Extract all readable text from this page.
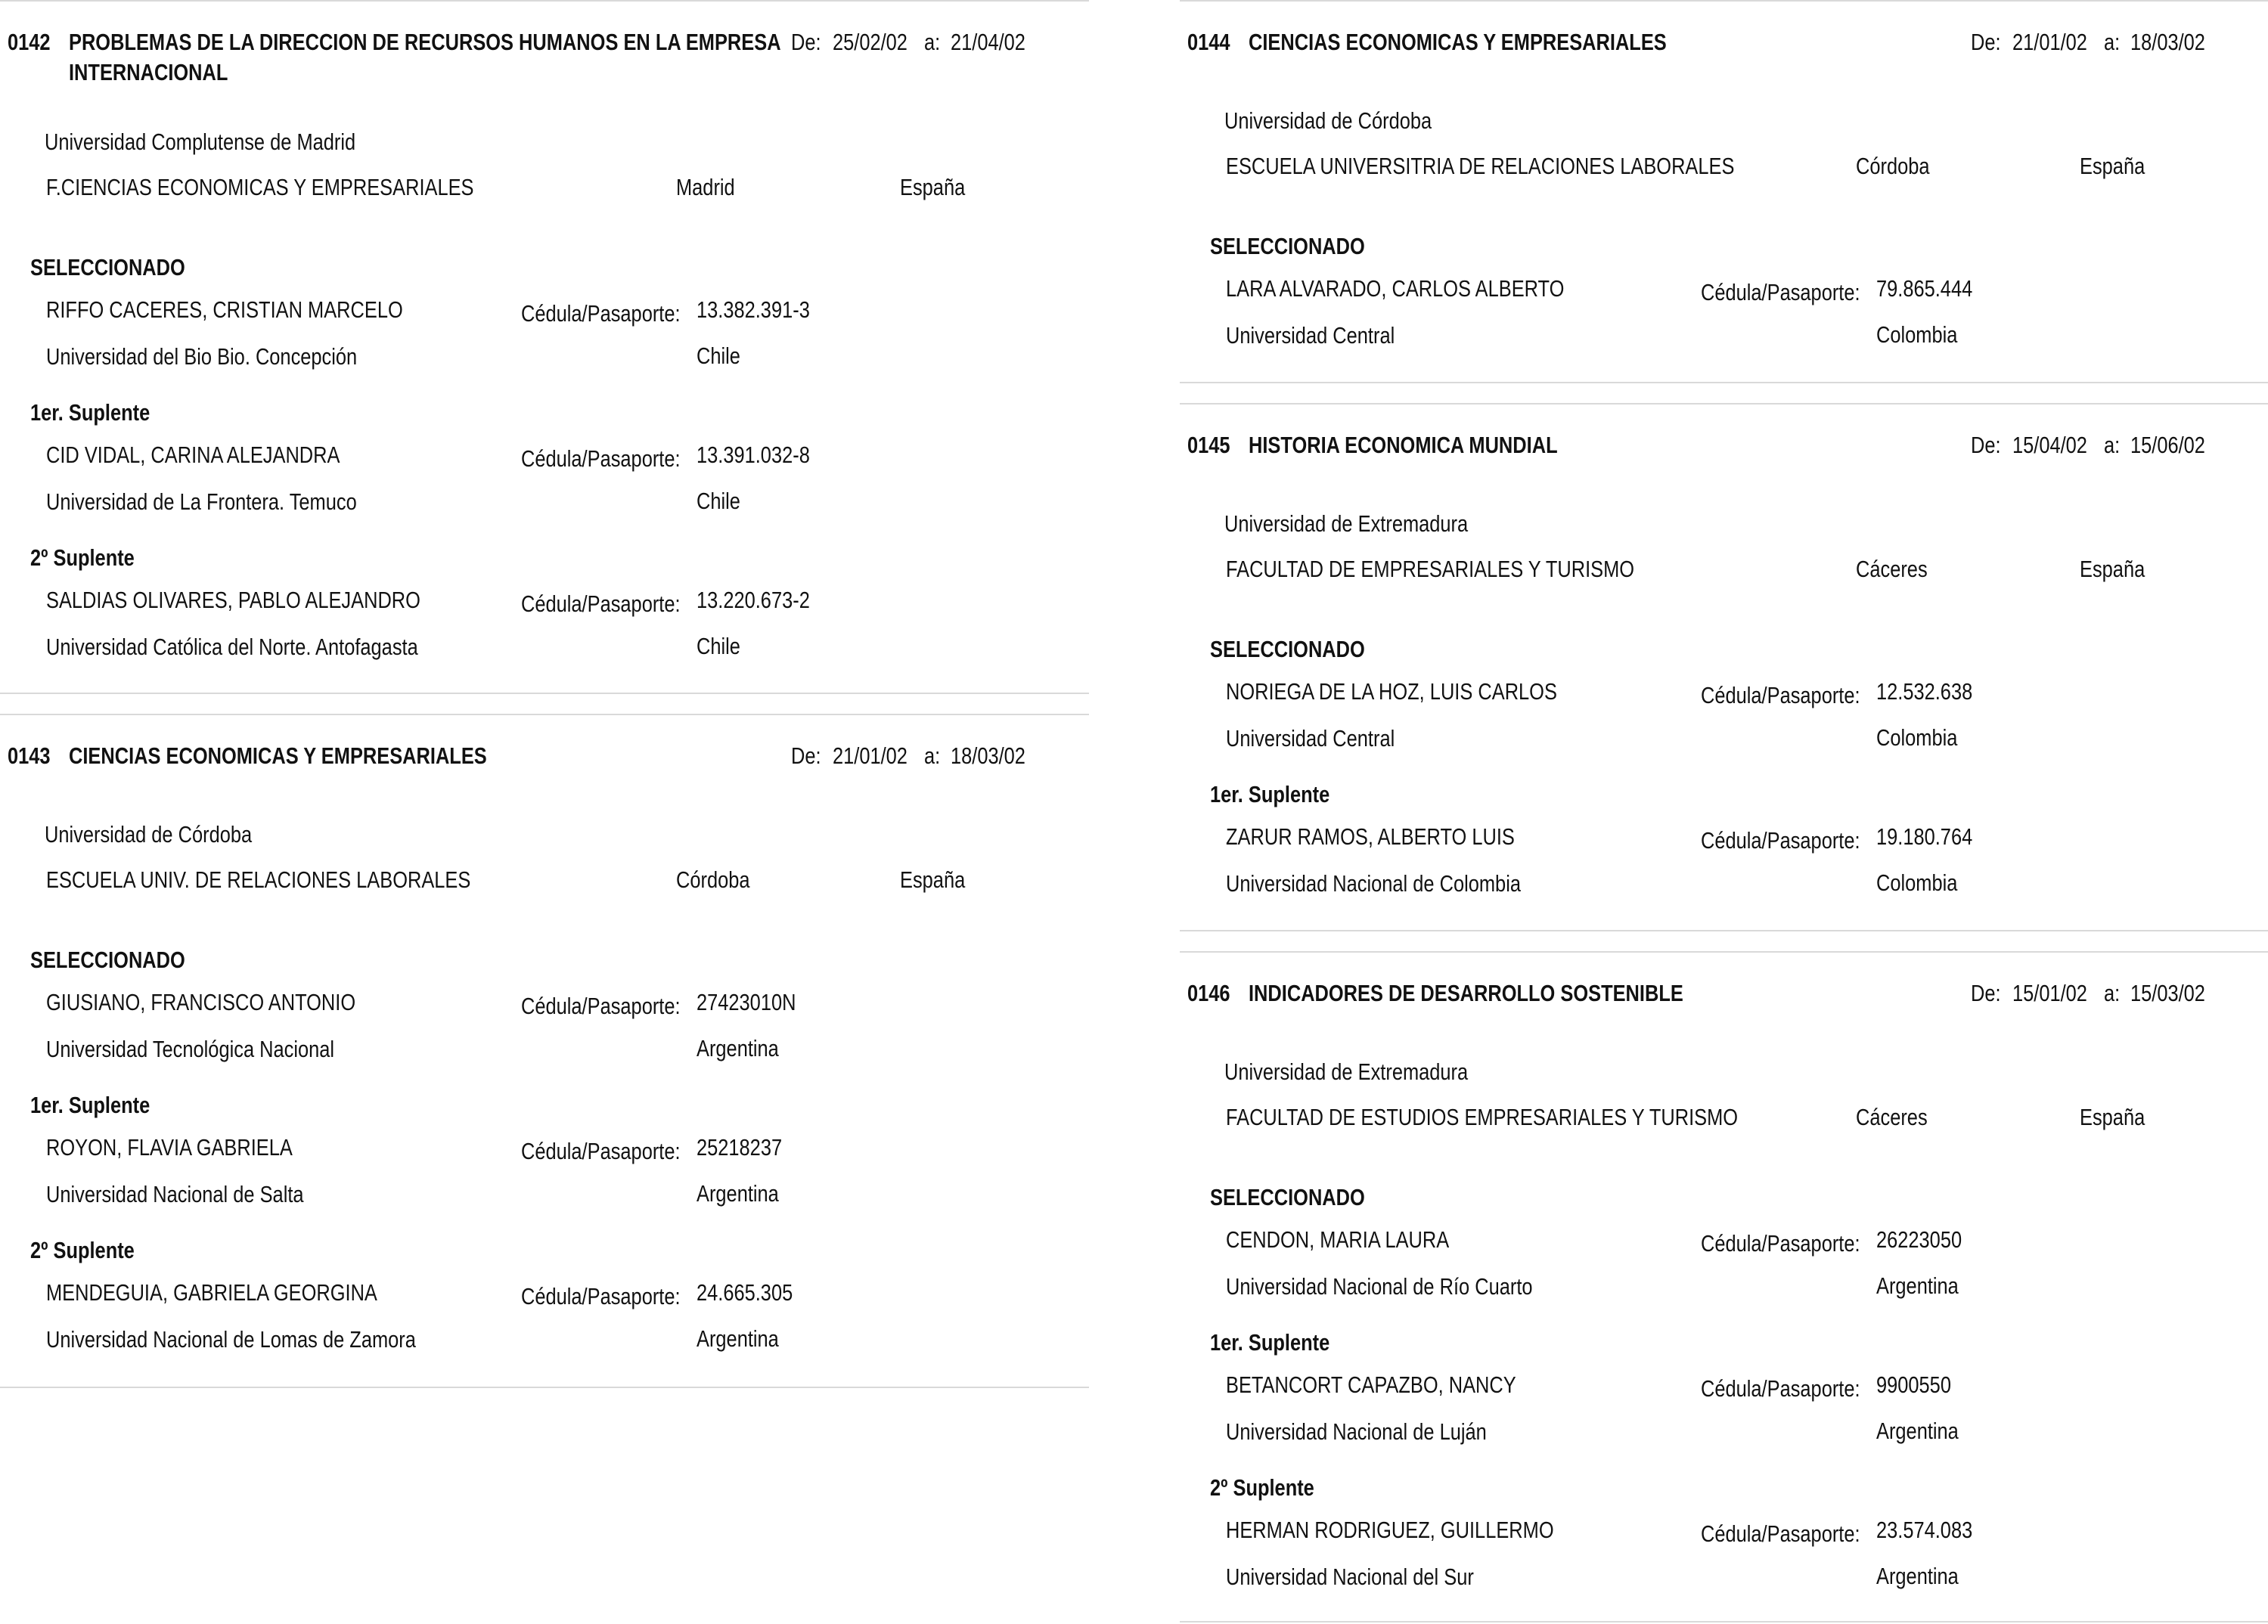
0142 PROBLEMAS DE LA DIRECCION DE RECURSOS HUMANOS EN LA EMPRESA INTERNACIONAL
De: 25/02/02 a: 21/04/02
Universidad Complutense de Madrid
F.CIENCIAS ECONOMICAS Y EMPRESARIALES	Madrid	España
SELECCIONADO
RIFFO CACERES, CRISTIAN MARCELO	Cédula/Pasaporte: 13.382.391-3
Universidad del Bio Bio. Concepción	Chile
1er. Suplente
CID VIDAL, CARINA ALEJANDRA	Cédula/Pasaporte: 13.391.032-8
Universidad de La Frontera. Temuco	Chile
2º Suplente
SALDIAS OLIVARES, PABLO ALEJANDRO	Cédula/Pasaporte: 13.220.673-2
Universidad Católica del Norte. Antofagasta	Chile
0143 CIENCIAS ECONOMICAS Y EMPRESARIALES	De: 21/01/02 a: 18/03/02
Universidad de Córdoba
ESCUELA UNIV. DE RELACIONES LABORALES	Córdoba	España
SELECCIONADO
GIUSIANO, FRANCISCO ANTONIO	Cédula/Pasaporte: 27423010N
Universidad Tecnológica Nacional	Argentina
1er. Suplente
ROYON, FLAVIA GABRIELA	Cédula/Pasaporte: 25218237
Universidad Nacional de Salta	Argentina
2º Suplente
MENDEGUIA, GABRIELA GEORGINA	Cédula/Pasaporte: 24.665.305
Universidad Nacional de Lomas de Zamora	Argentina
0144 CIENCIAS ECONOMICAS Y EMPRESARIALES	De: 21/01/02 a: 18/03/02
Universidad de Córdoba
ESCUELA UNIVERSITRIA DE RELACIONES LABORALES	Córdoba	España
SELECCIONADO
LARA ALVARADO, CARLOS ALBERTO	Cédula/Pasaporte: 79.865.444
Universidad Central	Colombia
0145 HISTORIA ECONOMICA MUNDIAL	De: 15/04/02 a: 15/06/02
Universidad de Extremadura
FACULTAD DE EMPRESARIALES Y TURISMO	Cáceres	España
SELECCIONADO
NORIEGA DE LA HOZ, LUIS CARLOS	Cédula/Pasaporte: 12.532.638
Universidad Central	Colombia
1er. Suplente
ZARUR RAMOS, ALBERTO LUIS	Cédula/Pasaporte: 19.180.764
Universidad Nacional de Colombia	Colombia
0146 INDICADORES DE DESARROLLO SOSTENIBLE	De: 15/01/02 a: 15/03/02
Universidad de Extremadura
FACULTAD DE ESTUDIOS EMPRESARIALES Y TURISMO	Cáceres	España
SELECCIONADO
CENDON, MARIA LAURA	Cédula/Pasaporte: 26223050
Universidad Nacional de Río Cuarto	Argentina
1er. Suplente
BETANCORT CAPAZBO, NANCY	Cédula/Pasaporte: 9900550
Universidad Nacional de Luján	Argentina
2º Suplente
HERMAN RODRIGUEZ, GUILLERMO	Cédula/Pasaporte: 23.574.083
Universidad Nacional del Sur	Argentina
